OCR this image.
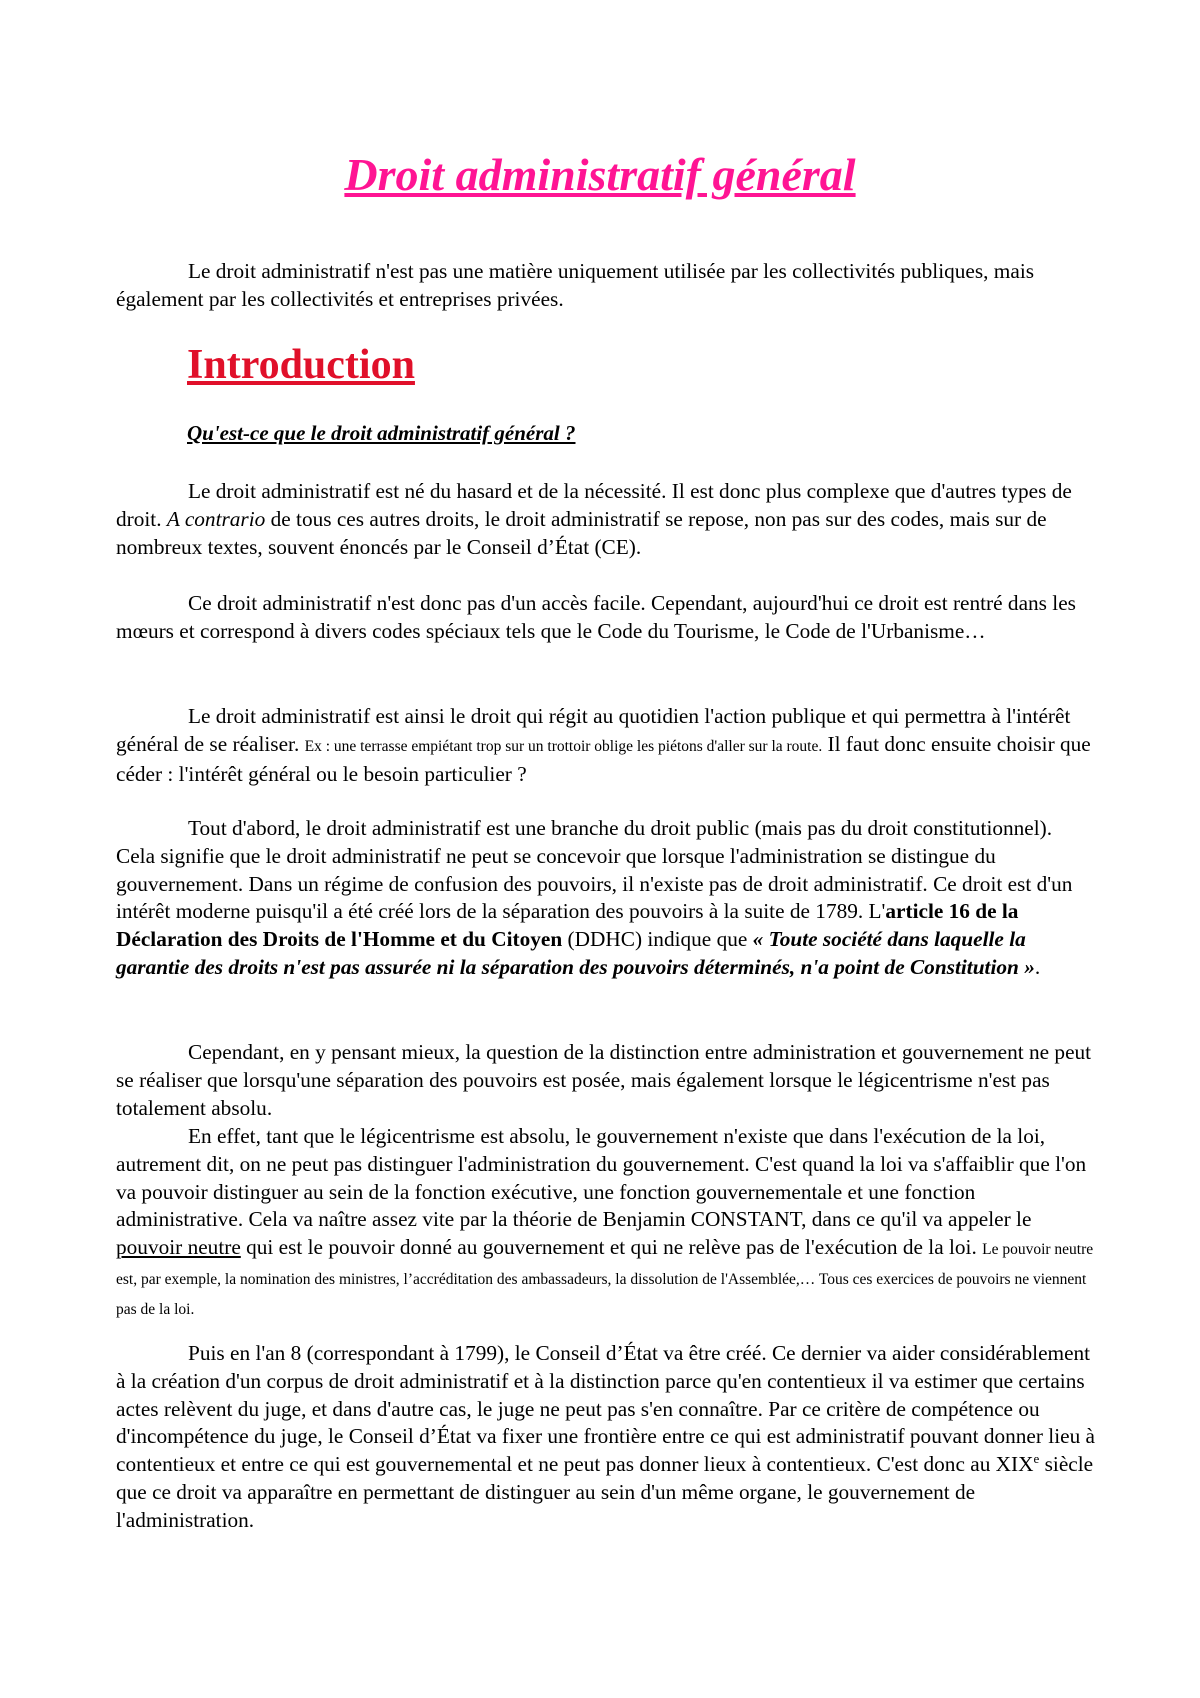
Droit administratif général

Le droit administratif n'est pas une matière uniquement utilisée par les collectivités publiques, mais également par les collectivités et entreprises privées.

Introduction
Qu'est-ce que le droit administratif général ?

Le droit administratif est né du hasard et de la nécessité. Il est donc plus complexe que d'autres types de droit. A contrario de tous ces autres droits, le droit administratif se repose, non pas sur des codes, mais sur de nombreux textes, souvent énoncés par le Conseil d’État (CE).

Ce droit administratif n'est donc pas d'un accès facile. Cependant, aujourd'hui ce droit est rentré dans les mœurs et correspond à divers codes spéciaux tels que le Code du Tourisme, le Code de l'Urbanisme…

Le droit administratif est ainsi le droit qui régit au quotidien l'action publique et qui permettra à l'intérêt général de se réaliser. Ex : une terrasse empiétant trop sur un trottoir oblige les piétons d'aller sur la route. Il faut donc ensuite choisir que céder : l'intérêt général ou le besoin particulier ?

Tout d'abord, le droit administratif est une branche du droit public (mais pas du droit constitutionnel). Cela signifie que le droit administratif ne peut se concevoir que lorsque l'administration se distingue du gouvernement. Dans un régime de confusion des pouvoirs, il n'existe pas de droit administratif. Ce droit est d'un intérêt moderne puisqu'il a été créé lors de la séparation des pouvoirs à la suite de 1789. L'article 16 de la Déclaration des Droits de l'Homme et du Citoyen (DDHC) indique que « Toute société dans laquelle la garantie des droits n'est pas assurée ni la séparation des pouvoirs déterminés, n'a point de Constitution ».

Cependant, en y pensant mieux, la question de la distinction entre administration et gouvernement ne peut se réaliser que lorsqu'une séparation des pouvoirs est posée, mais également lorsque le légicentrisme n'est pas totalement absolu.

En effet, tant que le légicentrisme est absolu, le gouvernement n'existe que dans l'exécution de la loi, autrement dit, on ne peut pas distinguer l'administration du gouvernement. C'est quand la loi va s'affaiblir que l'on va pouvoir distinguer au sein de la fonction exécutive, une fonction gouvernementale et une fonction administrative. Cela va naître assez vite par la théorie de Benjamin CONSTANT, dans ce qu'il va appeler le pouvoir neutre qui est le pouvoir donné au gouvernement et qui ne relève pas de l'exécution de la loi. Le pouvoir neutre est, par exemple, la nomination des ministres, l’accréditation des ambassadeurs, la dissolution de l'Assemblée,… Tous ces exercices de pouvoirs ne viennent pas de la loi.

Puis en l'an 8 (correspondant à 1799), le Conseil d’État va être créé. Ce dernier va aider considérablement à la création d'un corpus de droit administratif et à la distinction parce qu'en contentieux il va estimer que certains actes relèvent du juge, et dans d'autre cas, le juge ne peut pas s'en connaître. Par ce critère de compétence ou d'incompétence du juge, le Conseil d’État va fixer une frontière entre ce qui est administratif pouvant donner lieu à contentieux et entre ce qui est gouvernemental et ne peut pas donner lieux à contentieux. C'est donc au XIXe siècle que ce droit va apparaître en permettant de distinguer au sein d'un même organe, le gouvernement de l'administration.
